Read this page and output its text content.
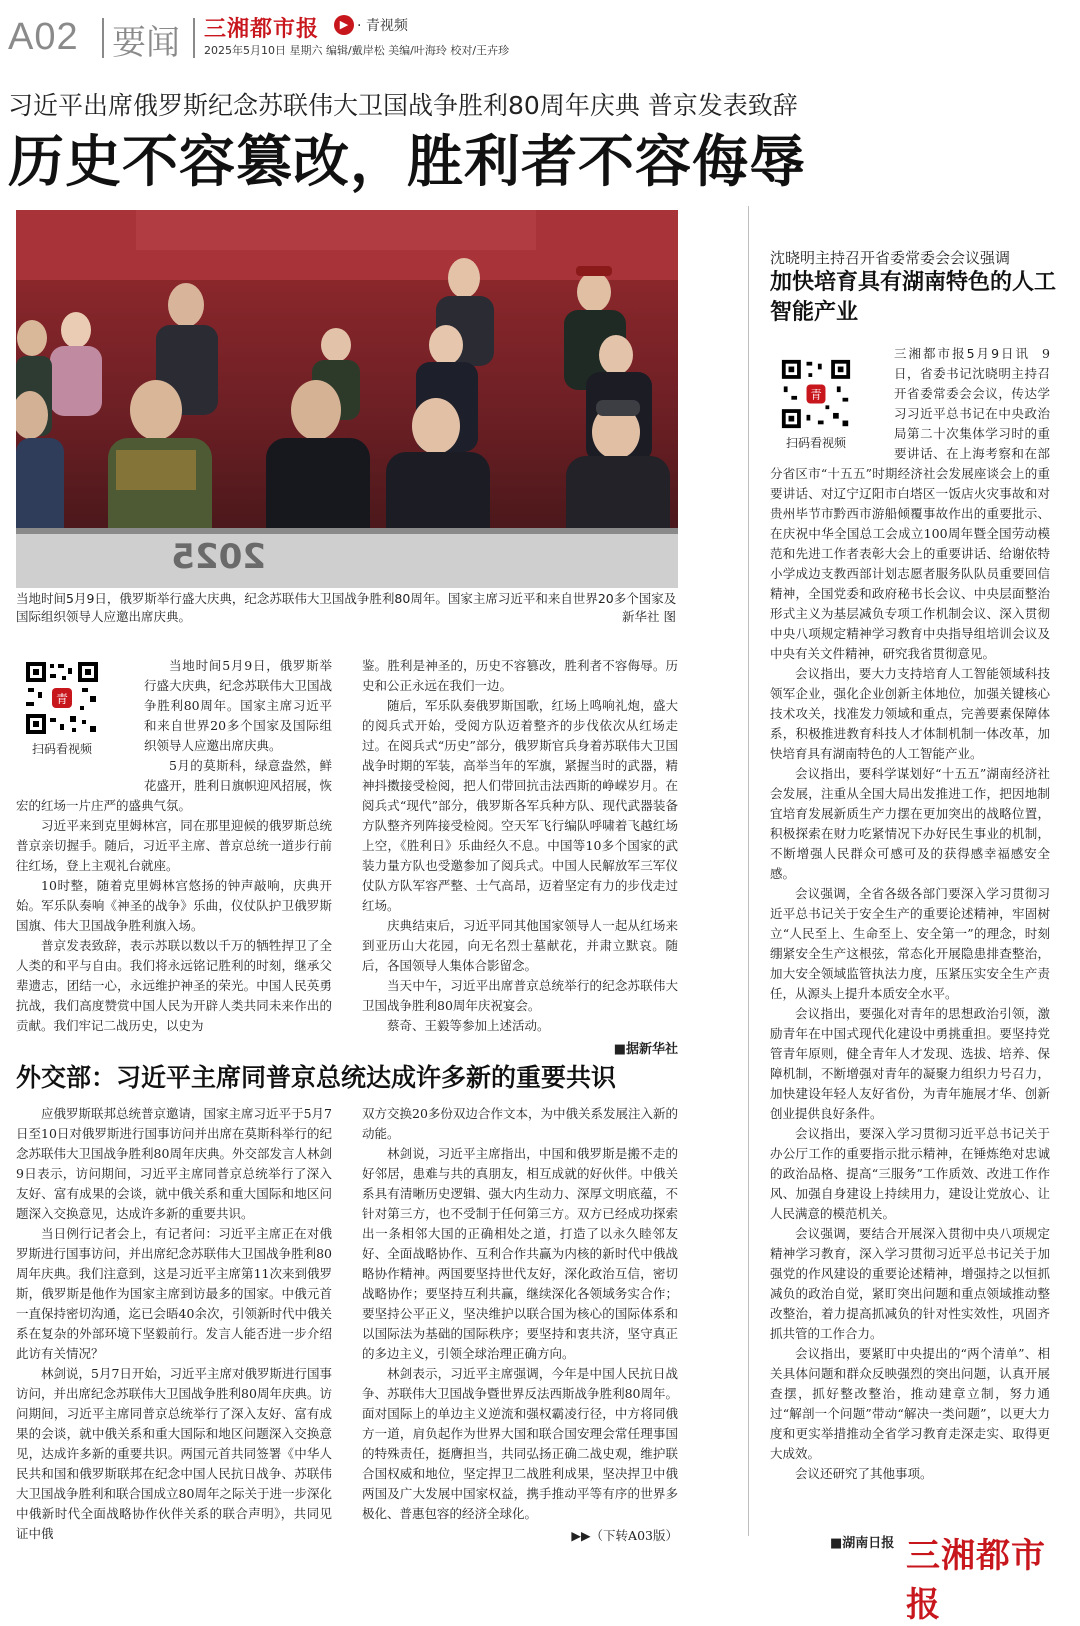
A02 要闻 三湘都市报	▶ · 青视频
2025年5月10日 星期六 编辑/戴岸松 美编/叶海玲 校对/王卉珍
习近平出席俄罗斯纪念苏联伟大卫国战争胜利80周年庆典 普京发表致辞
历史不容篡改，胜利者不容侮辱
2025
当地时间5月9日，俄罗斯举行盛大庆典，纪念苏联伟大卫国战争胜利80周年。国家主席习近平和来自世界20多个国家及国际组织领导人应邀出席庆典。	新华社 图
青
扫码看视频

当地时间5月9日，俄罗斯举行盛大庆典，纪念苏联伟大卫国战争胜利80周年。国家主席习近平和来自世界20多个国家及国际组织领导人应邀出席庆典。

5月的莫斯科，绿意盎然，鲜花盛开，胜利日旗帜迎风招展，恢宏的红场一片庄严的盛典气氛。

习近平来到克里姆林宫，同在那里迎候的俄罗斯总统普京亲切握手。随后，习近平主席、普京总统一道步行前往红场，登上主观礼台就座。

10时整，随着克里姆林宫悠扬的钟声敲响，庆典开始。军乐队奏响《神圣的战争》乐曲，仪仗队护卫俄罗斯国旗、伟大卫国战争胜利旗入场。

普京发表致辞，表示苏联以数以千万的牺牲捍卫了全人类的和平与自由。我们将永远铭记胜利的时刻，继承父辈遗志，团结一心，永远维护神圣的荣光。中国人民英勇抗战，我们高度赞赏中国人民为开辟人类共同未来作出的贡献。我们牢记二战历史，以史为

鉴。胜利是神圣的，历史不容篡改，胜利者不容侮辱。历史和公正永远在我们一边。

随后，军乐队奏俄罗斯国歌，红场上鸣响礼炮，盛大的阅兵式开始，受阅方队迈着整齐的步伐依次从红场走过。在阅兵式“历史”部分，俄罗斯官兵身着苏联伟大卫国战争时期的军装，高举当年的军旗，紧握当时的武器，精神抖擞接受检阅，把人们带回抗击法西斯的峥嵘岁月。在阅兵式“现代”部分，俄罗斯各军兵种方队、现代武器装备方队整齐列阵接受检阅。空天军飞行编队呼啸着飞越红场上空，《胜利日》乐曲经久不息。中国等10多个国家的武装力量方队也受邀参加了阅兵式。中国人民解放军三军仪仗队方队军容严整、士气高昂，迈着坚定有力的步伐走过红场。

庆典结束后，习近平同其他国家领导人一起从红场来到亚历山大花园，向无名烈士墓献花，并肃立默哀。随后，各国领导人集体合影留念。

当天中午，习近平出席普京总统举行的纪念苏联伟大卫国战争胜利80周年庆祝宴会。

蔡奇、王毅等参加上述活动。

■据新华社
外交部：习近平主席同普京总统达成许多新的重要共识

应俄罗斯联邦总统普京邀请，国家主席习近平于5月7日至10日对俄罗斯进行国事访问并出席在莫斯科举行的纪念苏联伟大卫国战争胜利80周年庆典。外交部发言人林剑9日表示，访问期间，习近平主席同普京总统举行了深入友好、富有成果的会谈，就中俄关系和重大国际和地区问题深入交换意见，达成许多新的重要共识。

当日例行记者会上，有记者问：习近平主席正在对俄罗斯进行国事访问，并出席纪念苏联伟大卫国战争胜利80周年庆典。我们注意到，这是习近平主席第11次来到俄罗斯，俄罗斯是他作为国家主席到访最多的国家。中俄元首一直保持密切沟通，迄已会晤40余次，引领新时代中俄关系在复杂的外部环境下坚毅前行。发言人能否进一步介绍此访有关情况？

林剑说，5月7日开始，习近平主席对俄罗斯进行国事访问，并出席纪念苏联伟大卫国战争胜利80周年庆典。访问期间，习近平主席同普京总统举行了深入友好、富有成果的会谈，就中俄关系和重大国际和地区问题深入交换意见，达成许多新的重要共识。两国元首共同签署《中华人民共和国和俄罗斯联邦在纪念中国人民抗日战争、苏联伟大卫国战争胜利和联合国成立80周年之际关于进一步深化中俄新时代全面战略协作伙伴关系的联合声明》，共同见证中俄

双方交换20多份双边合作文本，为中俄关系发展注入新的动能。

林剑说，习近平主席指出，中国和俄罗斯是搬不走的好邻居，患难与共的真朋友，相互成就的好伙伴。中俄关系具有清晰历史逻辑、强大内生动力、深厚文明底蕴，不针对第三方，也不受制于任何第三方。双方已经成功探索出一条相邻大国的正确相处之道，打造了以永久睦邻友好、全面战略协作、互利合作共赢为内核的新时代中俄战略协作精神。两国要坚持世代友好，深化政治互信，密切战略协作；要坚持互利共赢，继续深化各领域务实合作；要坚持公平正义，坚决维护以联合国为核心的国际体系和以国际法为基础的国际秩序；要坚持和衷共济，坚守真正的多边主义，引领全球治理正确方向。

林剑表示，习近平主席强调，今年是中国人民抗日战争、苏联伟大卫国战争暨世界反法西斯战争胜利80周年。面对国际上的单边主义逆流和强权霸凌行径，中方将同俄方一道，肩负起作为世界大国和联合国安理会常任理事国的特殊责任，挺膺担当，共同弘扬正确二战史观，维护联合国权威和地位，坚定捍卫二战胜利成果，坚决捍卫中俄两国及广大发展中国家权益，携手推动平等有序的世界多极化、普惠包容的经济全球化。

▶▶（下转A03版）
沈晓明主持召开省委常委会会议强调
加快培育具有湖南特色的人工智能产业
青
扫码看视频

三湘都市报5月9日讯 9日，省委书记沈晓明主持召开省委常委会会议，传达学习习近平总书记在中央政治局第二十次集体学习时的重要讲话、在上海考察和在部分省区市“十五五”时期经济社会发展座谈会上的重要讲话、对辽宁辽阳市白塔区一饭店火灾事故和对贵州毕节市黔西市游船倾覆事故作出的重要批示、在庆祝中华全国总工会成立100周年暨全国劳动模范和先进工作者表彰大会上的重要讲话、给谢依特小学成边支教西部计划志愿者服务队队员重要回信精神，全国党委和政府秘书长会议、中央层面整治形式主义为基层减负专项工作机制会议、深入贯彻中央八项规定精神学习教育中央指导组培训会议及中央有关文件精神，研究我省贯彻意见。

会议指出，要大力支持培育人工智能领域科技领军企业，强化企业创新主体地位，加强关键核心技术攻关，找准发力领域和重点，完善要素保障体系，积极推进教育科技人才体制机制一体改革，加快培育具有湖南特色的人工智能产业。

会议指出，要科学谋划好“十五五”湖南经济社会发展，注重从全国大局出发推进工作，把因地制宜培育发展新质生产力摆在更加突出的战略位置，积极探索在财力吃紧情况下办好民生事业的机制，不断增强人民群众可感可及的获得感幸福感安全感。

会议强调，全省各级各部门要深入学习贯彻习近平总书记关于安全生产的重要论述精神，牢固树立“人民至上、生命至上、安全第一”的理念，时刻绷紧安全生产这根弦，常态化开展隐患排查整治，加大安全领域监管执法力度，压紧压实安全生产责任，从源头上提升本质安全水平。

会议指出，要强化对青年的思想政治引领，激励青年在中国式现代化建设中勇挑重担。要坚持党管青年原则，健全青年人才发现、选拔、培养、保障机制，不断增强对青年的凝聚力组织力号召力，加快建设年轻人友好省份，为青年施展才华、创新创业提供良好条件。

会议指出，要深入学习贯彻习近平总书记关于办公厅工作的重要指示批示精神，在锤炼绝对忠诚的政治品格、提高“三服务”工作质效、改进工作作风、加强自身建设上持续用力，建设让党放心、让人民满意的模范机关。

会议强调，要结合开展深入贯彻中央八项规定精神学习教育，深入学习贯彻习近平总书记关于加强党的作风建设的重要论述精神，增强持之以恒抓减负的政治自觉，紧盯突出问题和重点领域推动整改整治，着力提高抓减负的针对性实效性，巩固齐抓共管的工作合力。

会议指出，要紧盯中央提出的“两个清单”、相关具体问题和群众反映强烈的突出问题，认真开展查摆，抓好整改整治，推动建章立制，努力通过“解剖一个问题”带动“解决一类问题”，以更大力度和更实举措推动全省学习教育走深走实、取得更大成效。

会议还研究了其他事项。

■湖南日报 三湘都市报
